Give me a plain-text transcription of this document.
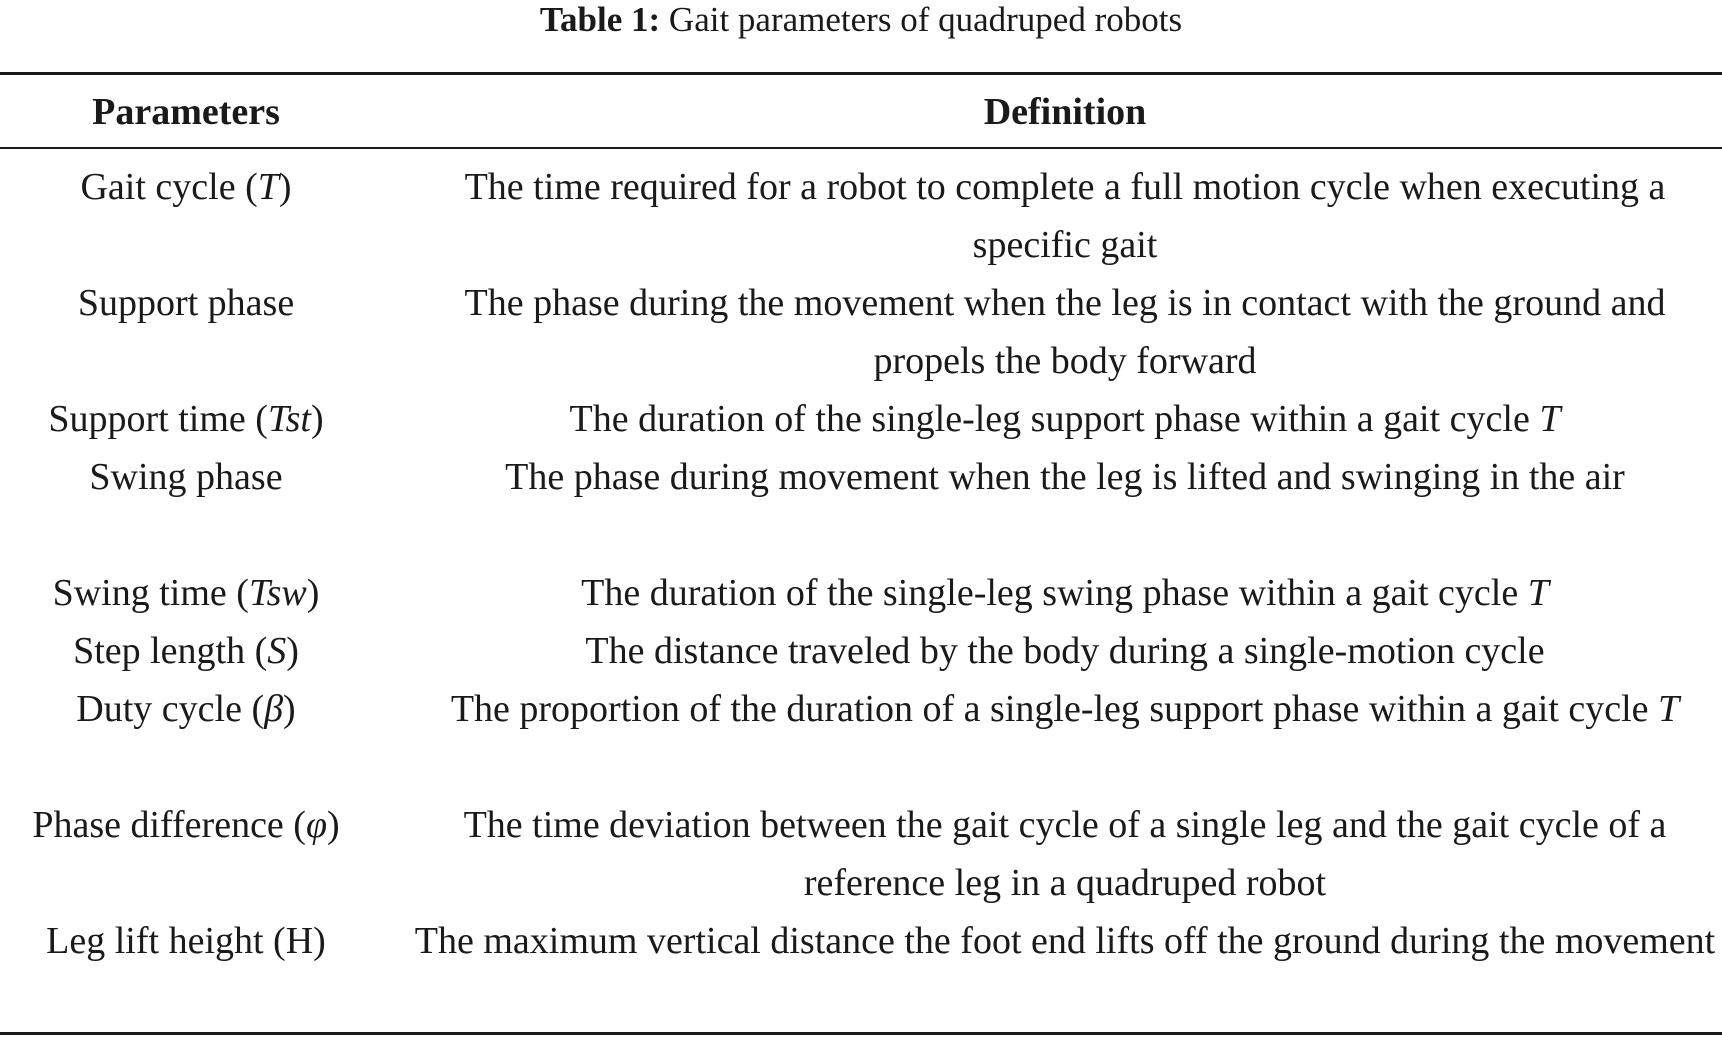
Table 1: Gait parameters of quadruped robots
Parameters	Definition
Gait cycle (T)	The time required for a robot to complete a full motion cycle when executing a specific gait
Support phase	The phase during the movement when the leg is in contact with the ground and propels the body forward
Support time (Tst)	The duration of the single-leg support phase within a gait cycle T
Swing phase	The phase during movement when the leg is lifted and swinging in the air
Swing time (Tsw)	The duration of the single-leg swing phase within a gait cycle T
Step length (S)	The distance traveled by the body during a single-motion cycle
Duty cycle (β)	The proportion of the duration of a single-leg support phase within a gait cycle T
Phase difference (φ)	The time deviation between the gait cycle of a single leg and the gait cycle of a reference leg in a quadruped robot
Leg lift height (H)	The maximum vertical distance the foot end lifts off the ground during the movement
